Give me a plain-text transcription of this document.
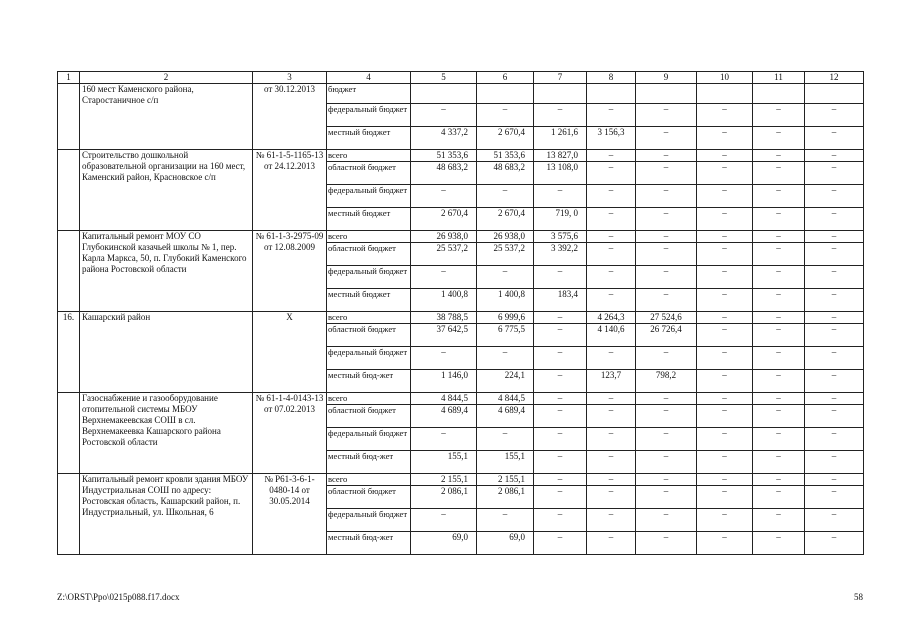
1	2	3	4	5	6	7	8	9	10	11	12
	160 мест Каменского района, Старостаничное с/п	от 30.12.2013	бюджет								
			федеральный бюджет	–	–	–	–	–	–	–	–
			местный бюджет	4 337,2	2 670,4	1 261,6	3 156,3	–	–	–	–
	Строительство дошкольной образовательной организации на 160 мест, Каменский район, Красновское с/п	№ 61-1-5-1165-13 от 24.12.2013	всего	51 353,6	51 353,6	13 827,0	–	–	–	–	–
			областной бюджет	48 683,2	48 683,2	13 108,0	–	–	–	–	–
			федеральный бюджет	–	–	–	–	–	–	–	–
			местный бюджет	2 670,4	2 670,4	719, 0	–	–	–	–	–
	Капитальный ремонт МОУ СО Глубокинской казачьей школы № 1, пер. Карла Маркса, 50, п. Глубокий Каменского района Ростовской области	№ 61-1-3-2975-09 от 12.08.2009	всего	26 938,0	26 938,0	3 575,6	–	–	–	–	–
			областной бюджет	25 537,2	25 537,2	3 392,2	–	–	–	–	–
			федеральный бюджет	–	–	–	–	–	–	–	–
			местный бюджет	1 400,8	1 400,8	183,4	–	–	–	–	–
16.	Кашарский район	Х	всего	38 788,5	6 999,6	–	4 264,3	27 524,6	–	–	–
			областной бюджет	37 642,5	6 775,5	–	4 140,6	26 726,4	–	–	–
			федеральный бюджет	–	–	–	–	–	–	–	–
			местный бюд-жет	1 146,0	224,1	–	123,7	798,2	–	–	–
	Газоснабжение и газооборудование отопительной системы МБОУ Верхнемакеевская СОШ в сл. Верхнемакеевка Кашарского района Ростовской области	№ 61-1-4-0143-13 от 07.02.2013	всего	4 844,5	4 844,5	–	–	–	–	–	–
			областной бюджет	4 689,4	4 689,4	–	–	–	–	–	–
			федеральный бюджет	–	–	–	–	–	–	–	–
			местный бюд-жет	155,1	155,1	–	–	–	–	–	–
	Капитальный ремонт кровли здания МБОУ Индустриальная СОШ по адресу: Ростовская область, Кашарский район, п. Индустриальный, ул. Школьная, 6	№ Р61-3-6-1-0480-14 от 30.05.2014	всего	2 155,1	2 155,1	–	–	–	–	–	–
			областной бюджет	2 086,1	2 086,1	–	–	–	–	–	–
			федеральный бюджет	–	–	–	–	–	–	–	–
			местный бюд-жет	69,0	69,0	–	–	–	–	–	–
Z:\ORST\Ppo\0215p088.f17.docx	58
